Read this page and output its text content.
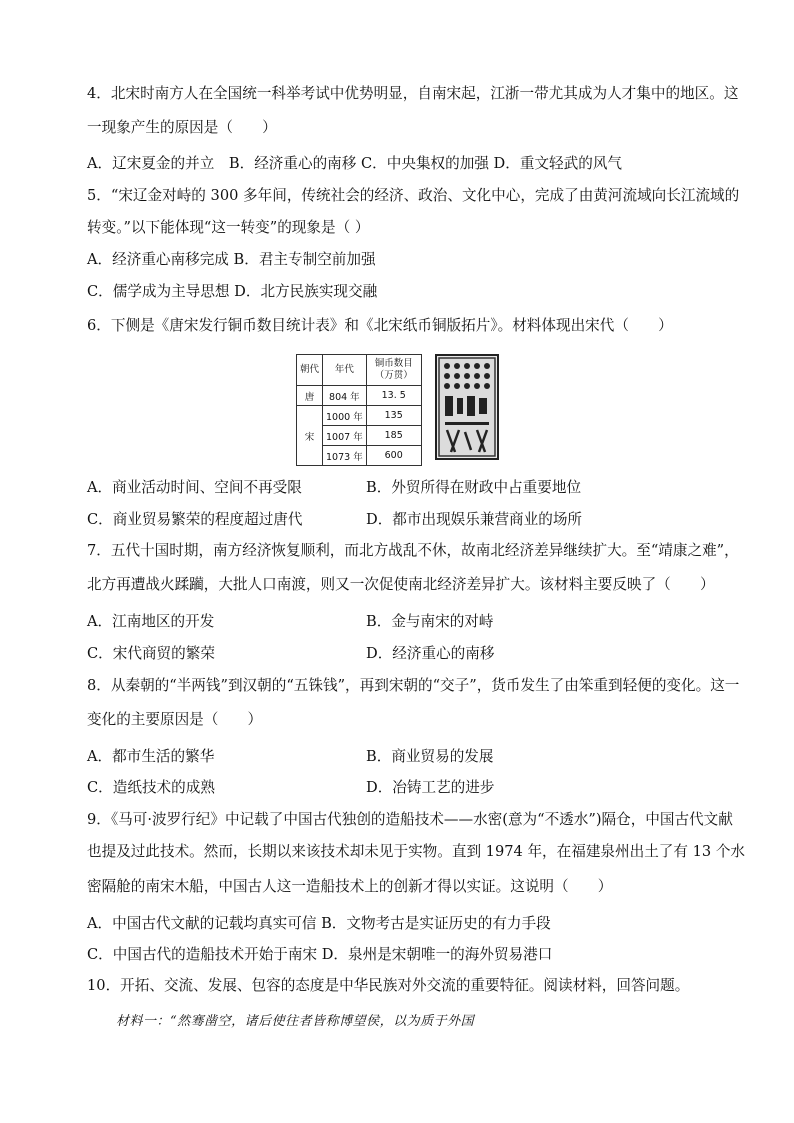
4．北宋时南方人在全国统一科举考试中优势明显，自南宋起，江浙一带尤其成为人才集中的地区。这
一现象产生的原因是（　　）
A．辽宋夏金的并立　B．经济重心的南移 C．中央集权的加强 D．重文轻武的风气
5．“宋辽金对峙的 300 多年间，传统社会的经济、政治、文化中心，完成了由黄河流域向长江流域的
转变。”以下能体现“这一转变”的现象是（ ）
A．经济重心南移完成 B．君主专制空前加强
C．儒学成为主导思想 D．北方民族实现交融
6．下侧是《唐宋发行铜币数目统计表》和《北宋纸币铜版拓片》。材料体现出宋代（　　）
朝代	年代	铜币数目（万贯）
唐	804 年	13. 5
宋	1000 年	135
	1007 年	185
	1073 年	600
A．商业活动时间、空间不再受限	B．外贸所得在财政中占重要地位
C．商业贸易繁荣的程度超过唐代	D．都市出现娱乐兼营商业的场所
7．五代十国时期，南方经济恢复顺利，而北方战乱不休，故南北经济差异继续扩大。至“靖康之难”，
北方再遭战火蹂躏，大批人口南渡，则又一次促使南北经济差异扩大。该材料主要反映了（　　）
A．江南地区的开发	B．金与南宋的对峙
C．宋代商贸的繁荣	D．经济重心的南移
8．从秦朝的“半两钱”到汉朝的“五铢钱”，再到宋朝的“交子”，货币发生了由笨重到轻便的变化。这一
变化的主要原因是（　　）
A．都市生活的繁华	B．商业贸易的发展
C．造纸技术的成熟	D．冶铸工艺的进步
9．《马可·波罗行纪》中记载了中国古代独创的造船技术——水密(意为“不透水”)隔仓，中国古代文献
也提及过此技术。然而，长期以来该技术却未见于实物。直到 1974 年，在福建泉州出土了有 13 个水
密隔舱的南宋木船，中国古人这一造船技术上的创新才得以实证。这说明（　　）
A．中国古代文献的记载均真实可信 B．文物考古是实证历史的有力手段
C．中国古代的造船技术开始于南宋 D．泉州是宋朝唯一的海外贸易港口
10．开拓、交流、发展、包容的态度是中华民族对外交流的重要特征。阅读材料，回答问题。
材料一：“然骞凿空，诸后使往者皆称博望侯，以为质于外国
